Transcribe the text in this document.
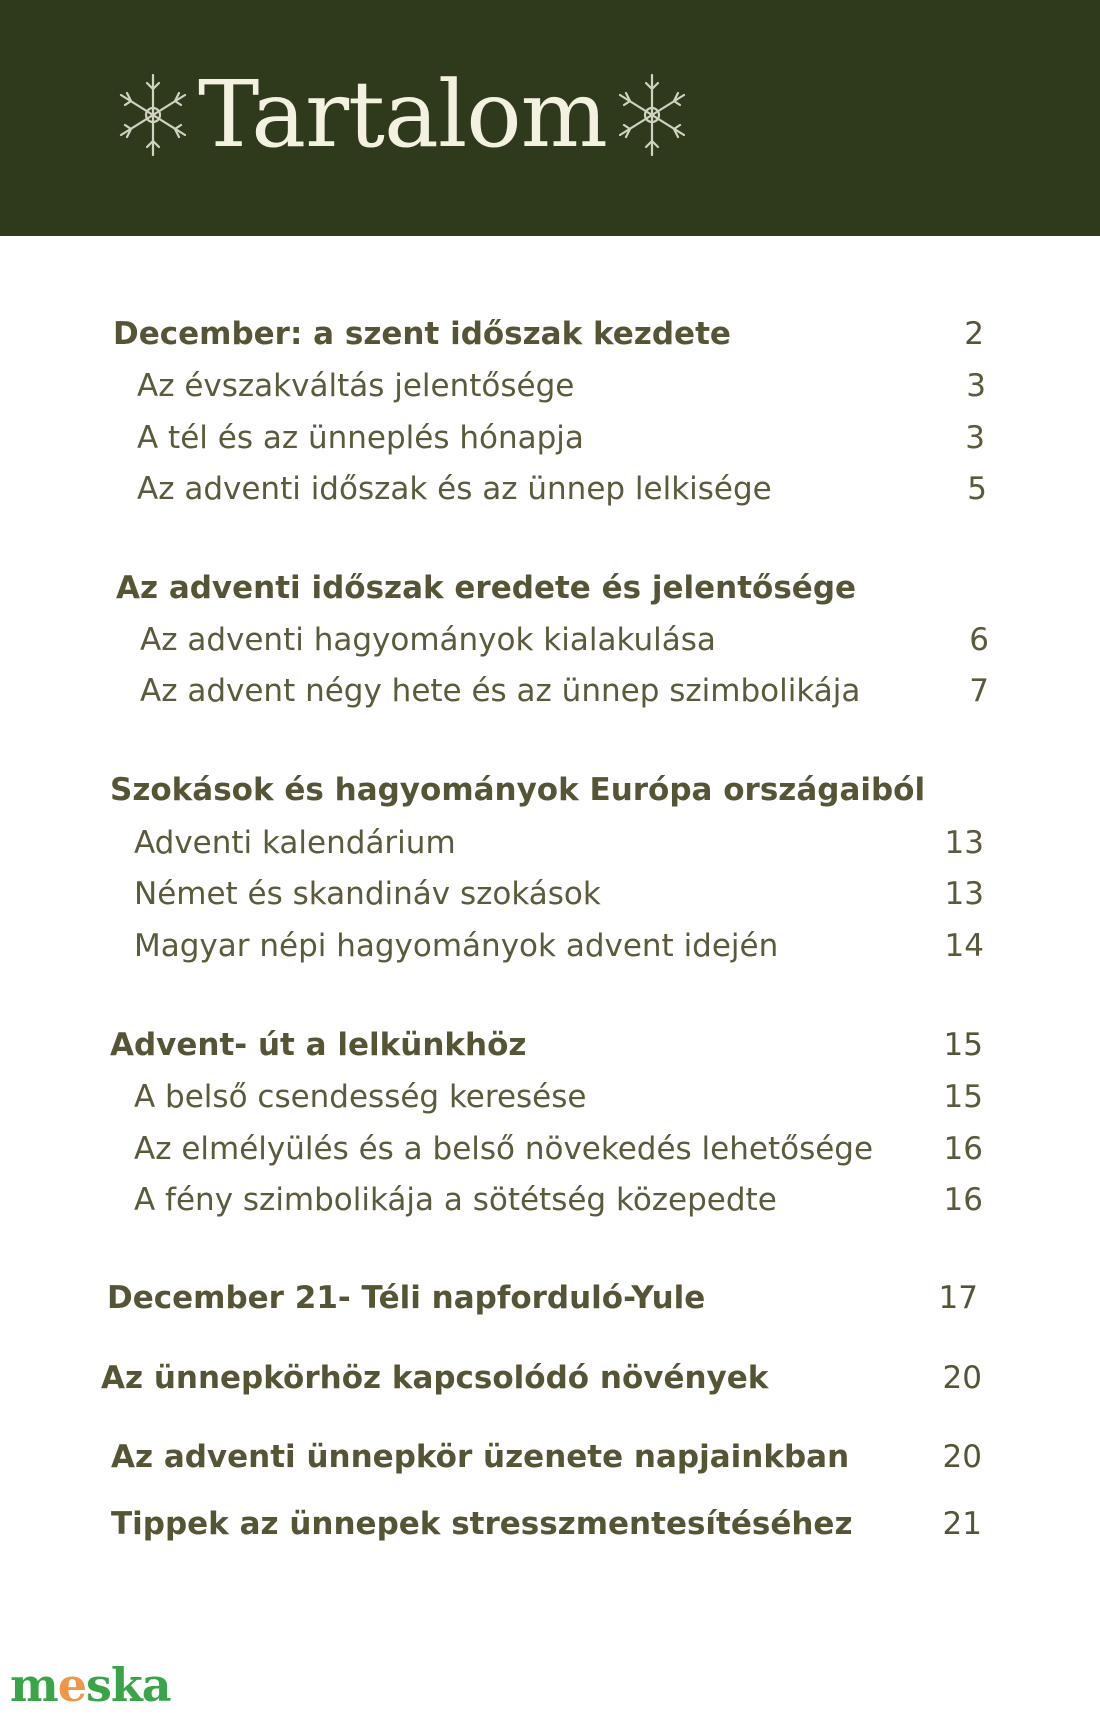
Tartalom
December: a szent időszak kezdete	2
Az évszakváltás jelentősége	3
A tél és az ünneplés hónapja	3
Az adventi időszak és az ünnep lelkisége	5
Az adventi időszak eredete és jelentősége
Az adventi hagyományok kialakulása	6
Az advent négy hete és az ünnep szimbolikája	7
Szokások és hagyományok Európa országaiból
Adventi kalendárium	13
Német és skandináv szokások	13
Magyar népi hagyományok advent idején	14
Advent- út a lelkünkhöz	15
A belső csendesség keresése	15
Az elmélyülés és a belső növekedés lehetősége 16
A fény szimbolikája a sötétség közepedte	16
December 21- Téli napforduló-Yule	17
Az ünnepkörhöz kapcsolódó növények	20
Az adventi ünnepkör üzenete napjainkban	20
Tippek az ünnepek stresszmentesítéséhez	21
meska
